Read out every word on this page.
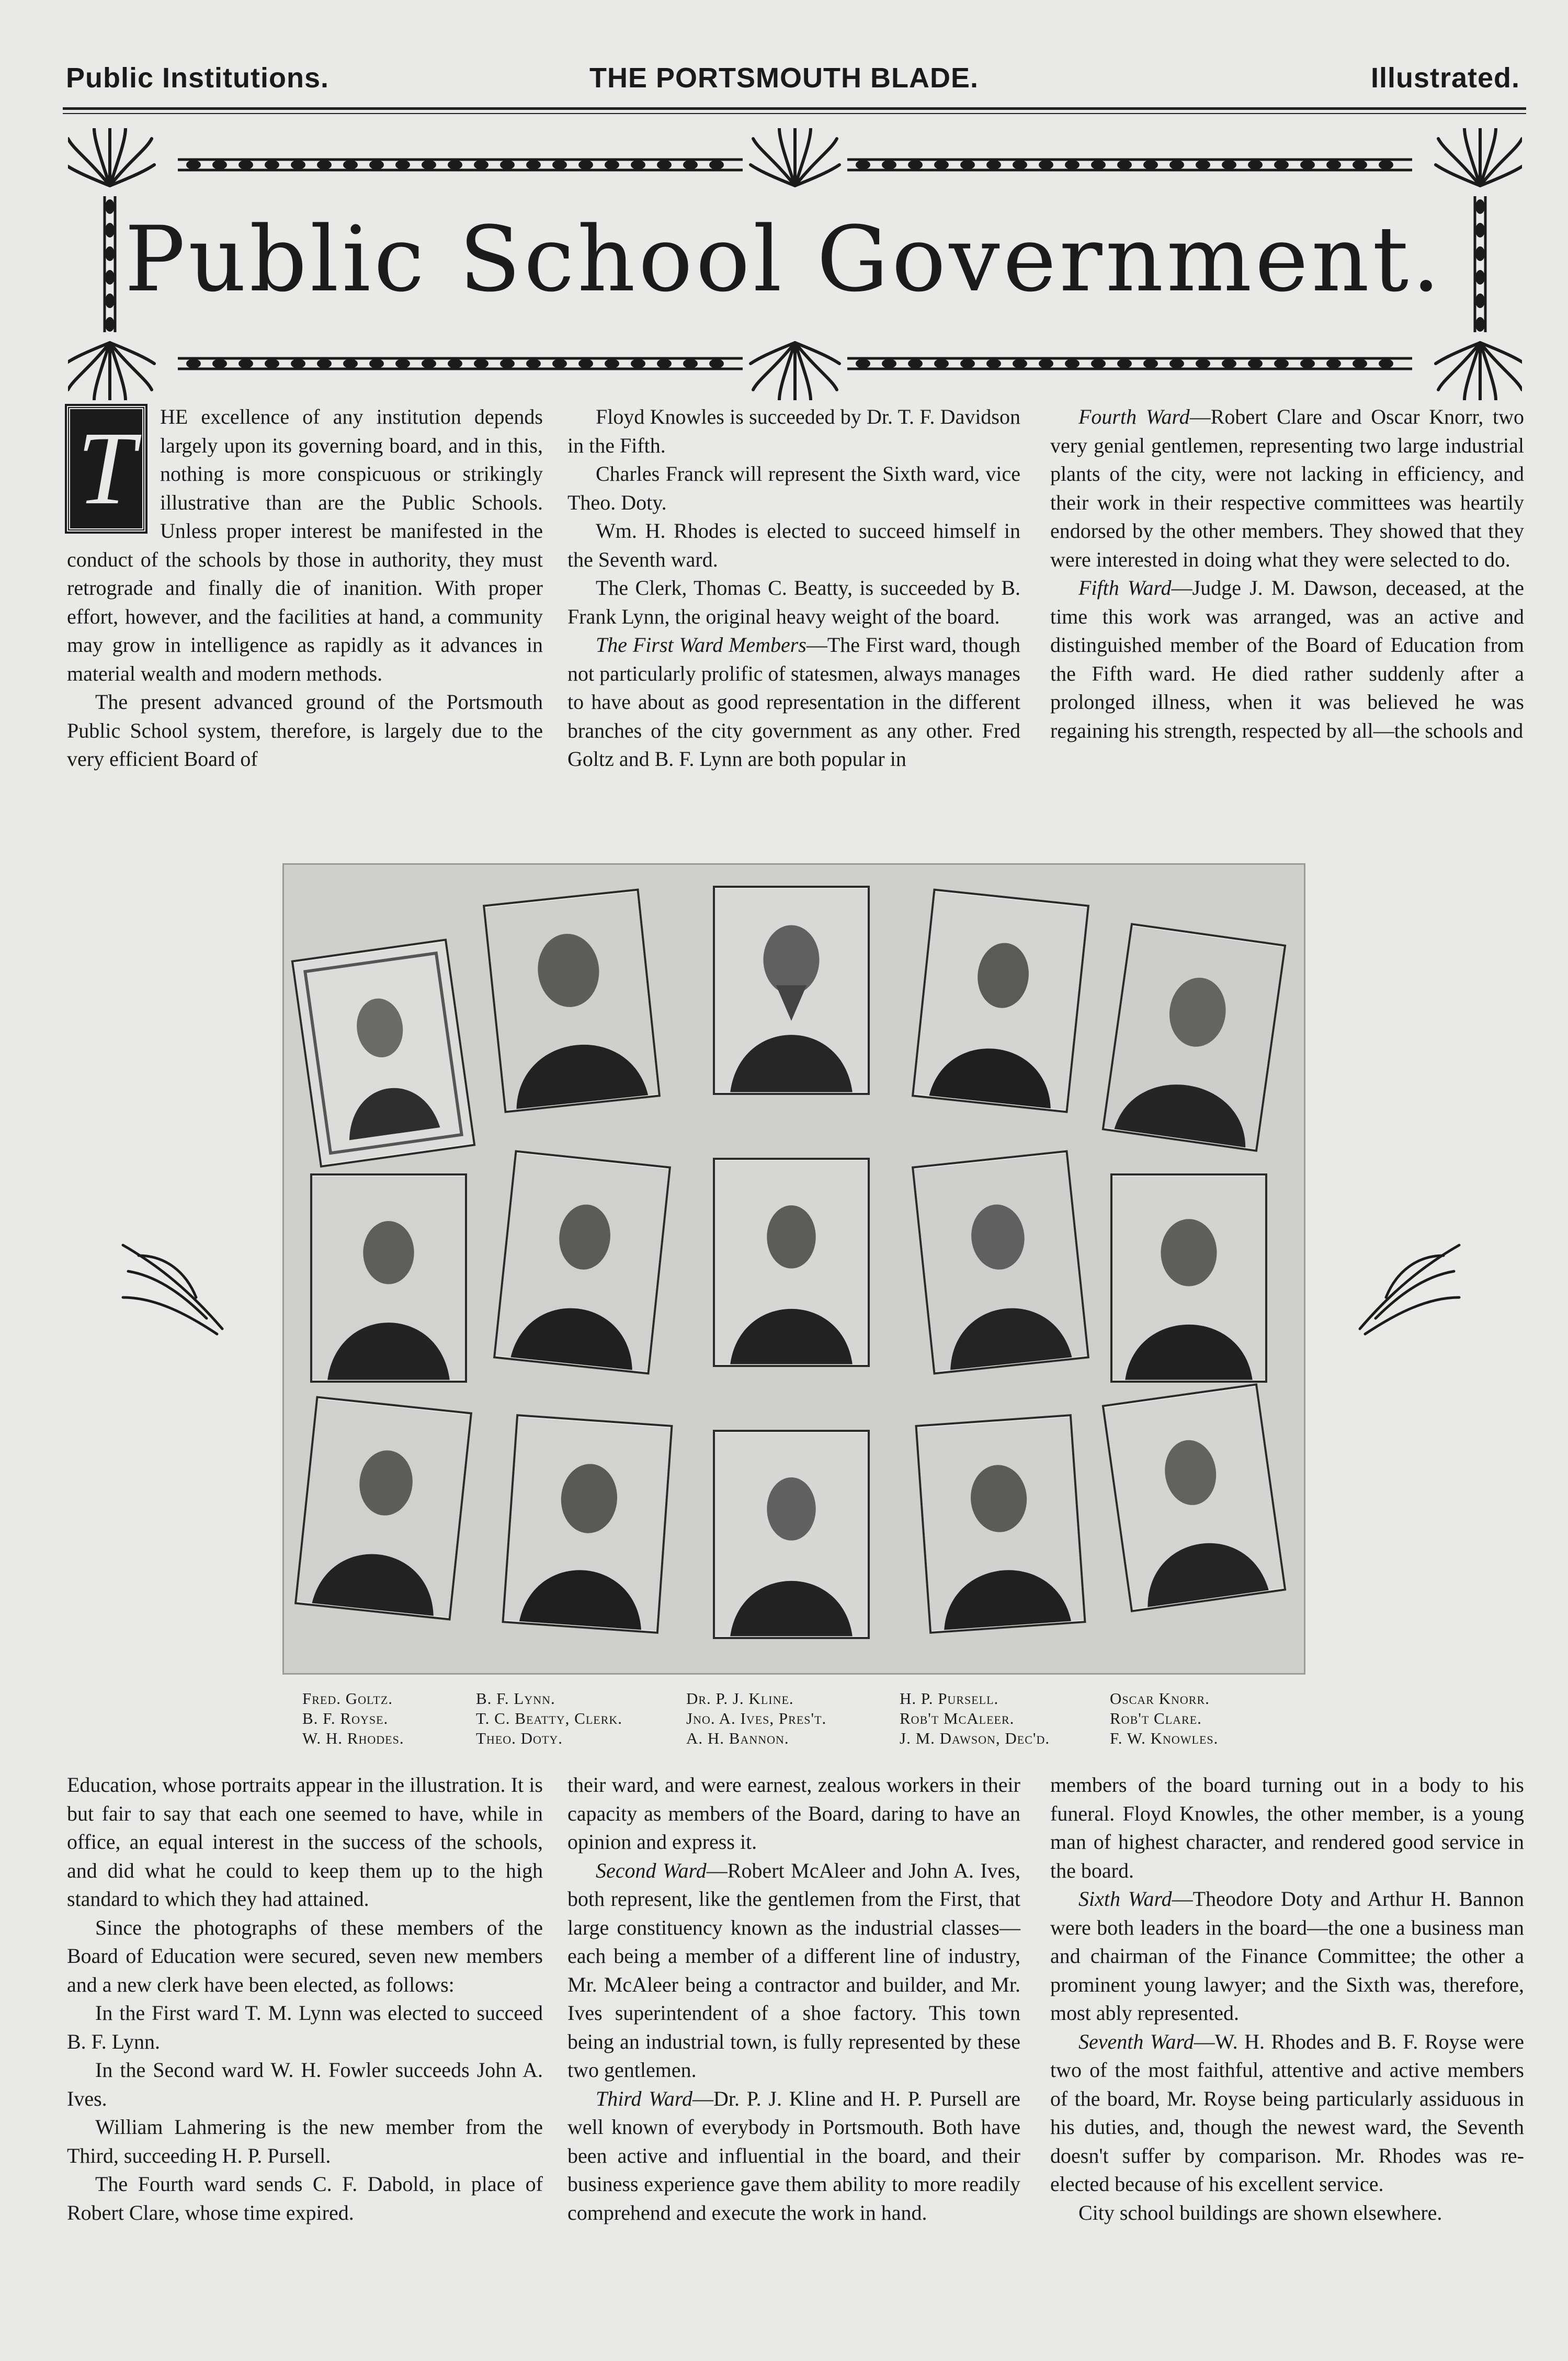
THE PORTSMOUTH BLADE.
Public Institutions.	Illustrated.
Public School Government.
T	HE excellence of any institution depends largely upon its governing board, and in this, nothing is more conspicuous or strikingly illustrative than are the Public Schools. Unless proper interest be manifested in the conduct of the schools by those in authority, they must retrograde and finally die of inanition. With proper effort, however, and the facilities at hand, a community may grow in intelligence as rapidly as it advances in material wealth and modern methods.

The present advanced ground of the Portsmouth Public School system, therefore, is largely due to the very efficient Board of

Floyd Knowles is succeeded by Dr. T. F. Davidson in the Fifth.

Charles Franck will represent the Sixth ward, vice Theo. Doty.

Wm. H. Rhodes is elected to succeed himself in the Seventh ward.

The Clerk, Thomas C. Beatty, is succeeded by B. Frank Lynn, the original heavy weight of the board.

The First Ward Members—The First ward, though not particularly prolific of statesmen, always manages to have about as good representation in the different branches of the city government as any other. Fred Goltz and B. F. Lynn are both popular in

Fourth Ward—Robert Clare and Oscar Knorr, two very genial gentlemen, representing two large industrial plants of the city, were not lacking in efficiency, and their work in their respective committees was heartily endorsed by the other members. They showed that they were interested in doing what they were selected to do.

Fifth Ward—Judge J. M. Dawson, deceased, at the time this work was arranged, was an active and distinguished member of the Board of Education from the Fifth ward. He died rather suddenly after a prolonged illness, when it was believed he was regaining his strength, respected by all—the schools and

Fred. Goltz.
B. F. Royse.
W. H. Rhodes.
B. F. Lynn.
T. C. Beatty, Clerk.
Theo. Doty.
Dr. P. J. Kline.
Jno. A. Ives, Pres't.
A. H. Bannon.
H. P. Pursell.
Rob't McAleer.
J. M. Dawson, Dec'd.
Oscar Knorr.
Rob't Clare.
F. W. Knowles.

Education, whose portraits appear in the illustration. It is but fair to say that each one seemed to have, while in office, an equal interest in the success of the schools, and did what he could to keep them up to the high standard to which they had attained.

Since the photographs of these members of the Board of Education were secured, seven new members and a new clerk have been elected, as follows:

In the First ward T. M. Lynn was elected to succeed B. F. Lynn.

In the Second ward W. H. Fowler succeeds John A. Ives.

William Lahmering is the new member from the Third, succeeding H. P. Pursell.

The Fourth ward sends C. F. Dabold, in place of Robert Clare, whose time expired.

their ward, and were earnest, zealous workers in their capacity as members of the Board, daring to have an opinion and express it.

Second Ward—Robert McAleer and John A. Ives, both represent, like the gentlemen from the First, that large constituency known as the industrial classes—each being a member of a different line of industry, Mr. McAleer being a contractor and builder, and Mr. Ives superintendent of a shoe factory. This town being an industrial town, is fully represented by these two gentlemen.

Third Ward—Dr. P. J. Kline and H. P. Pursell are well known of everybody in Portsmouth. Both have been active and influential in the board, and their business experience gave them ability to more readily comprehend and execute the work in hand.

members of the board turning out in a body to his funeral. Floyd Knowles, the other member, is a young man of highest character, and rendered good service in the board.

Sixth Ward—Theodore Doty and Arthur H. Bannon were both leaders in the board—the one a business man and chairman of the Finance Committee; the other a prominent young lawyer; and the Sixth was, therefore, most ably represented.

Seventh Ward—W. H. Rhodes and B. F. Royse were two of the most faithful, attentive and active members of the board, Mr. Royse being particularly assiduous in his duties, and, though the newest ward, the Seventh doesn't suffer by comparison. Mr. Rhodes was re-elected because of his excellent service.

City school buildings are shown elsewhere.
